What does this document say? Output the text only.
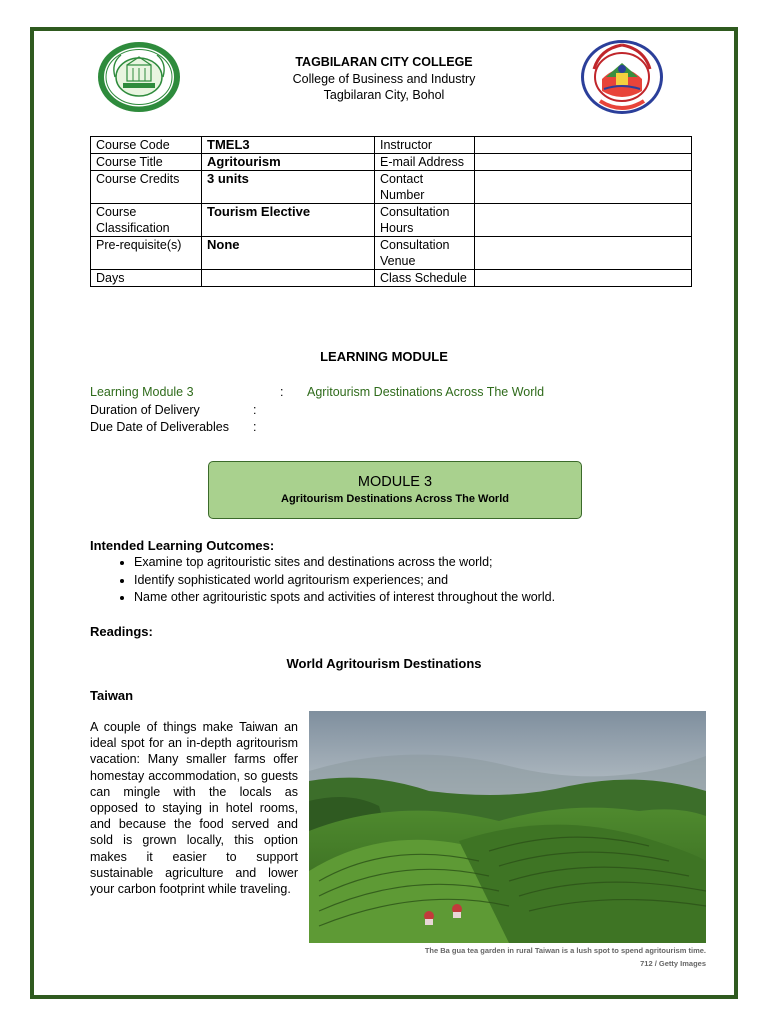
TAGBILARAN CITY COLLEGE
College of Business and Industry
Tagbilaran City, Bohol
Course Code	TMEL3	Instructor	
Course Title	Agritourism	E-mail Address	
Course Credits	3 units	Contact Number	
Course Classification	Tourism Elective	Consultation Hours	
Pre-requisite(s)	None	Consultation Venue	
Days		Class Schedule	
LEARNING MODULE
Learning Module 3	: Agritourism Destinations Across The World
Duration of Delivery	:
Due Date of Deliverables :
MODULE 3
Agritourism Destinations Across The World
Intended Learning Outcomes:
• Examine top agritouristic sites and destinations across the world;
• Identify sophisticated world agritourism experiences; and
• Name other agritouristic spots and activities of interest throughout the world.
Readings:
World Agritourism Destinations
Taiwan
A couple of things make Taiwan an ideal spot for an in-depth agritourism vacation: Many smaller farms offer homestay accommodation, so guests can mingle with the locals as opposed to staying in hotel rooms, and because the food served and sold is grown locally, this option makes it easier to support sustainable agriculture and lower your carbon footprint while traveling.
The Ba gua tea garden in rural Taiwan is a lush spot to spend agritourism time.
712 / Getty Images
